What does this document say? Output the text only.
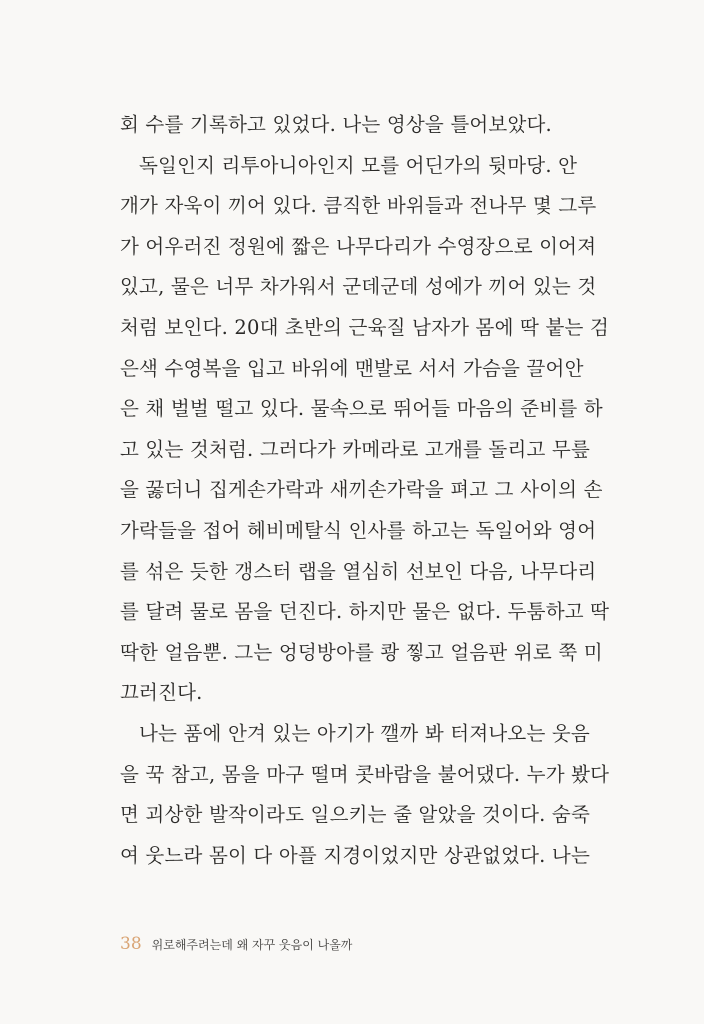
회 수를 기록하고 있었다. 나는 영상을 틀어보았다.
독일인지 리투아니아인지 모를 어딘가의 뒷마당. 안
개가 자욱이 끼어 있다. 큼직한 바위들과 전나무 몇 그루
가 어우러진 정원에 짧은 나무다리가 수영장으로 이어져
있고, 물은 너무 차가워서 군데군데 성에가 끼어 있는 것
처럼 보인다. 20대 초반의 근육질 남자가 몸에 딱 붙는 검
은색 수영복을 입고 바위에 맨발로 서서 가슴을 끌어안
은 채 벌벌 떨고 있다. 물속으로 뛰어들 마음의 준비를 하
고 있는 것처럼. 그러다가 카메라로 고개를 돌리고 무릎
을 꿇더니 집게손가락과 새끼손가락을 펴고 그 사이의 손
가락들을 접어 헤비메탈식 인사를 하고는 독일어와 영어
를 섞은 듯한 갱스터 랩을 열심히 선보인 다음, 나무다리
를 달려 물로 몸을 던진다. 하지만 물은 없다. 두툼하고 딱
딱한 얼음뿐. 그는 엉덩방아를 쾅 찧고 얼음판 위로 쭉 미
끄러진다.
나는 품에 안겨 있는 아기가 깰까 봐 터져나오는 웃음
을 꾹 참고, 몸을 마구 떨며 콧바람을 불어댔다. 누가 봤다
면 괴상한 발작이라도 일으키는 줄 알았을 것이다. 숨죽
여 웃느라 몸이 다 아플 지경이었지만 상관없었다. 나는
38 위로해주려는데 왜 자꾸 웃음이 나올까
